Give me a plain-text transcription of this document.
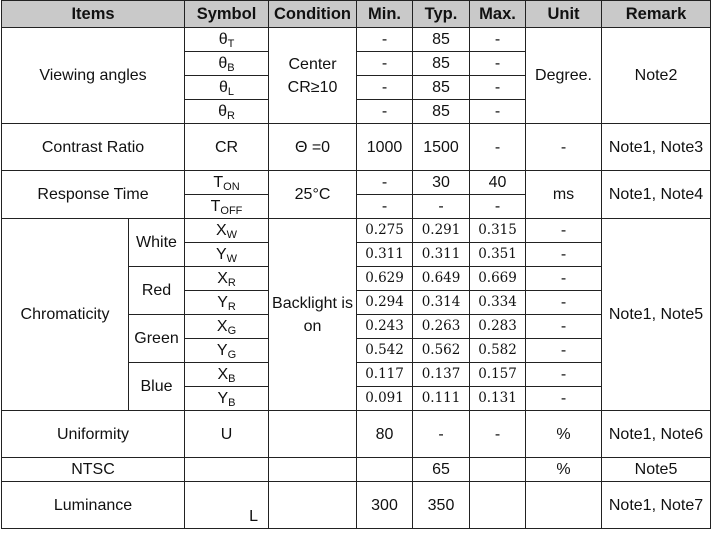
Items		Symbol	Condition	Min.	Typ.	Max.	Unit	Remark
Viewing angles		$\theta_T$	Center CR≥10	-	85	-	Degree.	Note2
		$\theta_B$		-	85	-		
		$\theta_L$		-	85	-		
		$\theta_R$		-	85	-		
Contrast Ratio		CR	Θ =0	1000	1500	-	-	Note1, Note3
Response Time		$T_{ON}$	25°C	-	30	40	ms	Note1, Note4
		$T_{OFF}$		-	-	-		
Chromaticity	White	$X_W$	Backlight is on	0.275	0.291	0.315	-	Note1, Note5
		$Y_W$		0.311	0.311	0.351	-	
	Red	$X_R$		0.629	0.649	0.669	-	
		$Y_R$		0.294	0.314	0.334	-	
	Green	$X_G$		0.243	0.263	0.283	-	
		$Y_G$		0.542	0.562	0.582	-	
	Blue	$X_B$		0.117	0.137	0.157	-	
		$Y_B$		0.091	0.111	0.131	-	
Uniformity		U		80	-	-	%	Note1, Note6
NTSC					65		%	Note5
Luminance		L		300	350			Note1, Note7
